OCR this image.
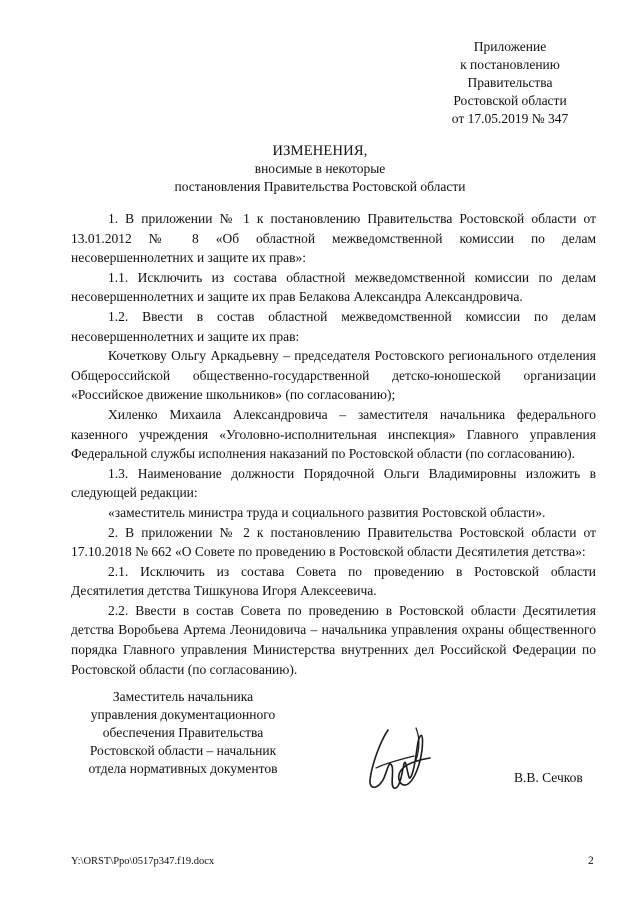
Приложение
к постановлению
Правительства
Ростовской области
от 17.05.2019 № 347
ИЗМЕНЕНИЯ,
вносимые в некоторые
постановления Правительства Ростовской области

1. В приложении № 1 к постановлению Правительства Ростовской области от 13.01.2012 № 8 «Об областной межведомственной комиссии по делам несовершеннолетних и защите их прав»:

1.1. Исключить из состава областной межведомственной комиссии по делам несовершеннолетних и защите их прав Белакова Александра Александровича.

1.2. Ввести в состав областной межведомственной комиссии по делам несовершеннолетних и защите их прав:

Кочеткову Ольгу Аркадьевну – председателя Ростовского регионального отделения Общероссийской общественно-государственной детско-юношеской организации «Российское движение школьников» (по согласованию);

Хиленко Михаила Александровича – заместителя начальника федерального казенного учреждения «Уголовно-исполнительная инспекция» Главного управления Федеральной службы исполнения наказаний по Ростовской области (по согласованию).

1.3. Наименование должности Порядочной Ольги Владимировны изложить в следующей редакции:

«заместитель министра труда и социального развития Ростовской области».

2. В приложении № 2 к постановлению Правительства Ростовской области от 17.10.2018 № 662 «О Совете по проведению в Ростовской области Десятилетия детства»:

2.1. Исключить из состава Совета по проведению в Ростовской области Десятилетия детства Тишкунова Игоря Алексеевича.

2.2. Ввести в состав Совета по проведению в Ростовской области Десятилетия детства Воробьева Артема Леонидовича – начальника управления охраны общественного порядка Главного управления Министерства внутренних дел Российской Федерации по Ростовской области (по согласованию).

Заместитель начальника
управления документационного
обеспечения Правительства
Ростовской области – начальник
отдела нормативных документов
В.В. Сечков
Y:\ORST\Ppo\0517p347.f19.docx	2
